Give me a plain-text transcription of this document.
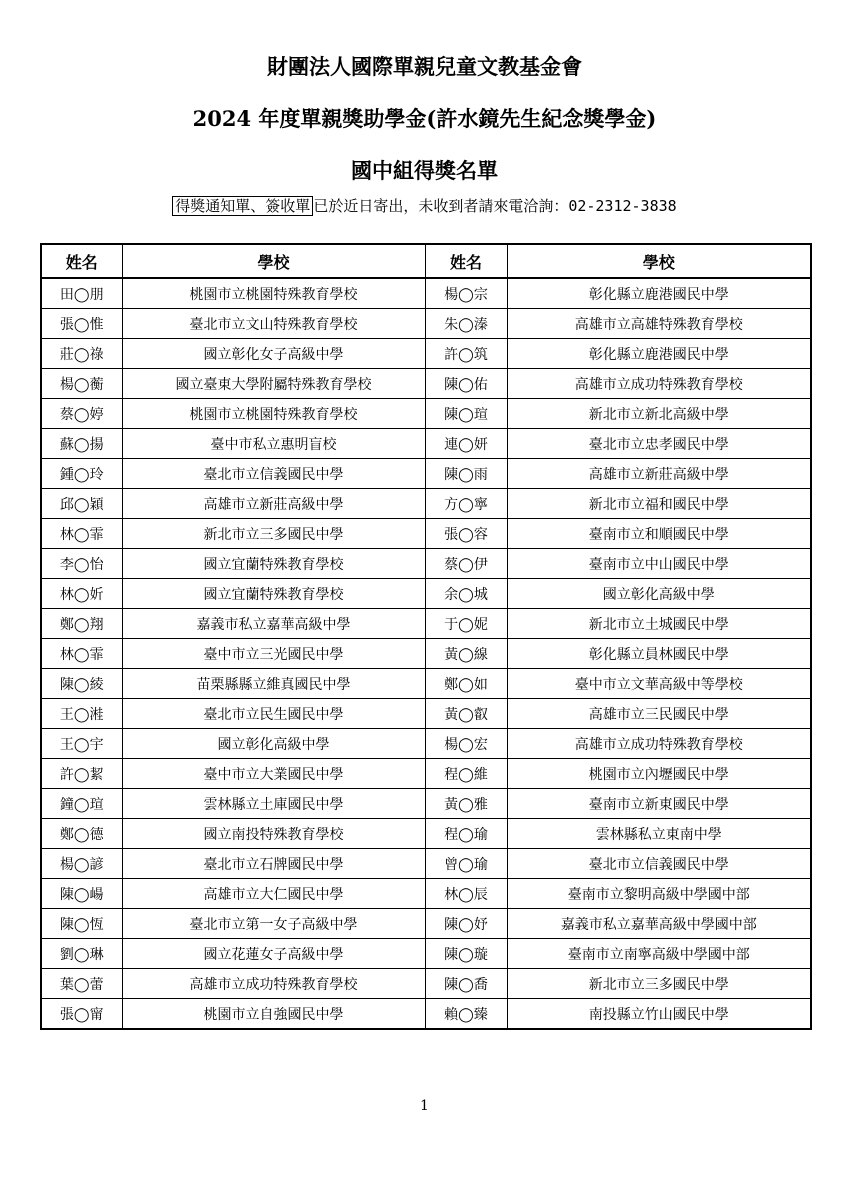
財團法人國際單親兒童文教基金會
2024 年度單親獎助學金(許水鏡先生紀念獎學金)
國中組得獎名單
得獎通知單、簽收單 已於近日寄出，未收到者請來電洽詢：02-2312-3838
姓名	學校	姓名	學校
田◯朋	桃園市立桃園特殊教育學校	楊◯宗	彰化縣立鹿港國民中學
張◯惟	臺北市立文山特殊教育學校	朱◯溱	高雄市立高雄特殊教育學校
莊◯祿	國立彰化女子高級中學	許◯筑	彰化縣立鹿港國民中學
楊◯蘅	國立臺東大學附屬特殊教育學校	陳◯佑	高雄市立成功特殊教育學校
蔡◯婷	桃園市立桃園特殊教育學校	陳◯瑄	新北市立新北高級中學
蘇◯揚	臺中市私立惠明盲校	連◯妍	臺北市立忠孝國民中學
鍾◯玲	臺北市立信義國民中學	陳◯雨	高雄市立新莊高級中學
邱◯穎	高雄市立新莊高級中學	方◯寧	新北市立福和國民中學
林◯霏	新北市立三多國民中學	張◯容	臺南市立和順國民中學
李◯怡	國立宜蘭特殊教育學校	蔡◯伊	臺南市立中山國民中學
林◯妡	國立宜蘭特殊教育學校	余◯城	國立彰化高級中學
鄭◯翔	嘉義市私立嘉華高級中學	于◯妮	新北市立土城國民中學
林◯霏	臺中市立三光國民中學	黃◯線	彰化縣立員林國民中學
陳◯綾	苗栗縣縣立維真國民中學	鄭◯如	臺中市立文華高級中等學校
王◯溎	臺北市立民生國民中學	黃◯叡	高雄市立三民國民中學
王◯宇	國立彰化高級中學	楊◯宏	高雄市立成功特殊教育學校
許◯絜	臺中市立大業國民中學	程◯維	桃園市立內壢國民中學
鐘◯瑄	雲林縣立土庫國民中學	黃◯雅	臺南市立新東國民中學
鄭◯德	國立南投特殊教育學校	程◯瑜	雲林縣私立東南中學
楊◯諺	臺北市立石牌國民中學	曾◯瑜	臺北市立信義國民中學
陳◯崵	高雄市立大仁國民中學	林◯辰	臺南市立黎明高級中學國中部
陳◯恆	臺北市立第一女子高級中學	陳◯妤	嘉義市私立嘉華高級中學國中部
劉◯琳	國立花蓮女子高級中學	陳◯璇	臺南市立南寧高級中學國中部
葉◯蕾	高雄市立成功特殊教育學校	陳◯喬	新北市立三多國民中學
張◯甯	桃園市立自強國民中學	賴◯臻	南投縣立竹山國民中學
1
